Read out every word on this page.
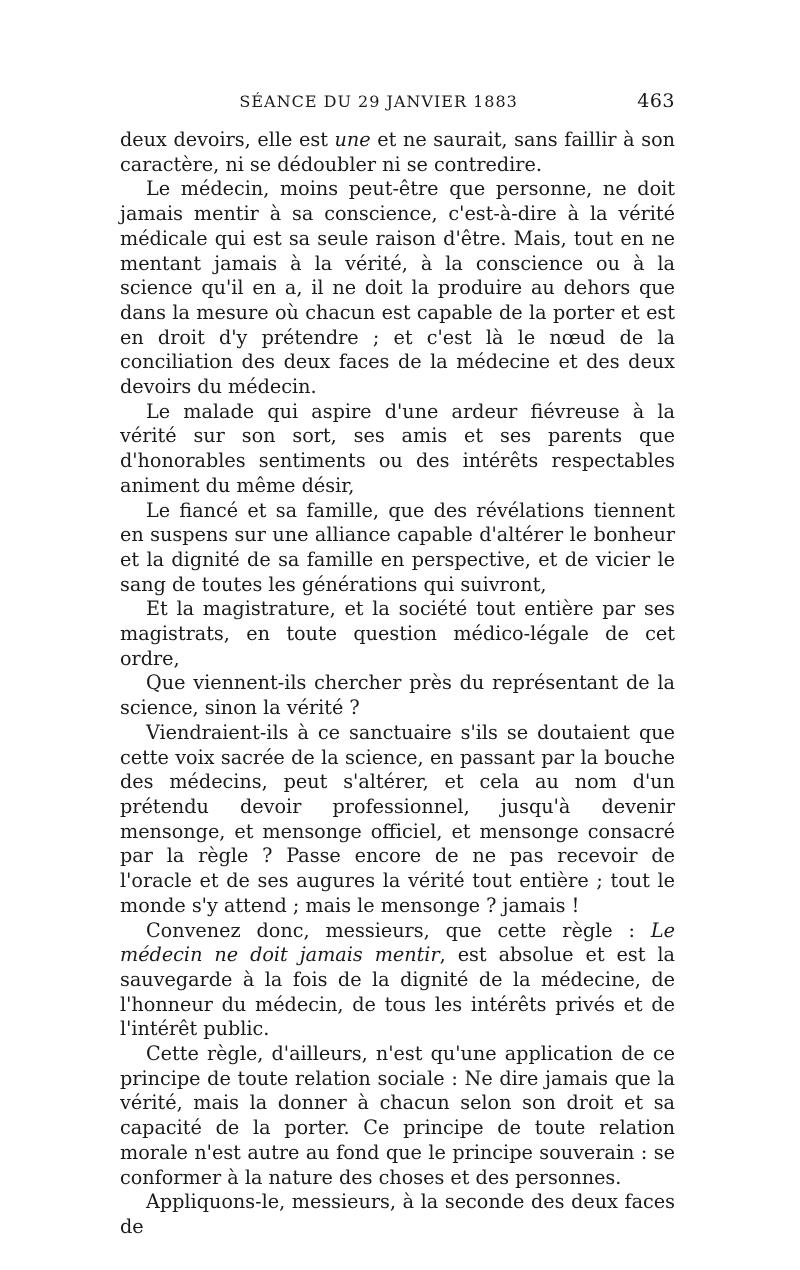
SÉANCE DU 29 JANVIER 1883	463

deux devoirs, elle est une et ne saurait, sans faillir à son caractère, ni se dédoubler ni se contredire.

Le médecin, moins peut-être que personne, ne doit jamais mentir à sa conscience, c'est-à-dire à la vérité médicale qui est sa seule raison d'être. Mais, tout en ne mentant jamais à la vérité, à la conscience ou à la science qu'il en a, il ne doit la produire au dehors que dans la mesure où chacun est capable de la porter et est en droit d'y prétendre ; et c'est là le nœud de la conciliation des deux faces de la médecine et des deux devoirs du médecin.

Le malade qui aspire d'une ardeur fiévreuse à la vérité sur son sort, ses amis et ses parents que d'honorables sentiments ou des intérêts respectables animent du même désir,

Le fiancé et sa famille, que des révélations tiennent en suspens sur une alliance capable d'altérer le bonheur et la dignité de sa famille en perspective, et de vicier le sang de toutes les générations qui suivront,

Et la magistrature, et la société tout entière par ses magistrats, en toute question médico-légale de cet ordre,

Que viennent-ils chercher près du représentant de la science, sinon la vérité ?

Viendraient-ils à ce sanctuaire s'ils se doutaient que cette voix sacrée de la science, en passant par la bouche des médecins, peut s'altérer, et cela au nom d'un prétendu devoir professionnel, jusqu'à devenir mensonge, et mensonge officiel, et mensonge consacré par la règle ? Passe encore de ne pas recevoir de l'oracle et de ses augures la vérité tout entière ; tout le monde s'y attend ; mais le mensonge ? jamais !

Convenez donc, messieurs, que cette règle : Le médecin ne doit jamais mentir, est absolue et est la sauvegarde à la fois de la dignité de la médecine, de l'honneur du médecin, de tous les intérêts privés et de l'intérêt public.

Cette règle, d'ailleurs, n'est qu'une application de ce principe de toute relation sociale : Ne dire jamais que la vérité, mais la donner à chacun selon son droit et sa capacité de la porter. Ce principe de toute relation morale n'est autre au fond que le principe souverain : se conformer à la nature des choses et des personnes.

Appliquons-le, messieurs, à la seconde des deux faces de
